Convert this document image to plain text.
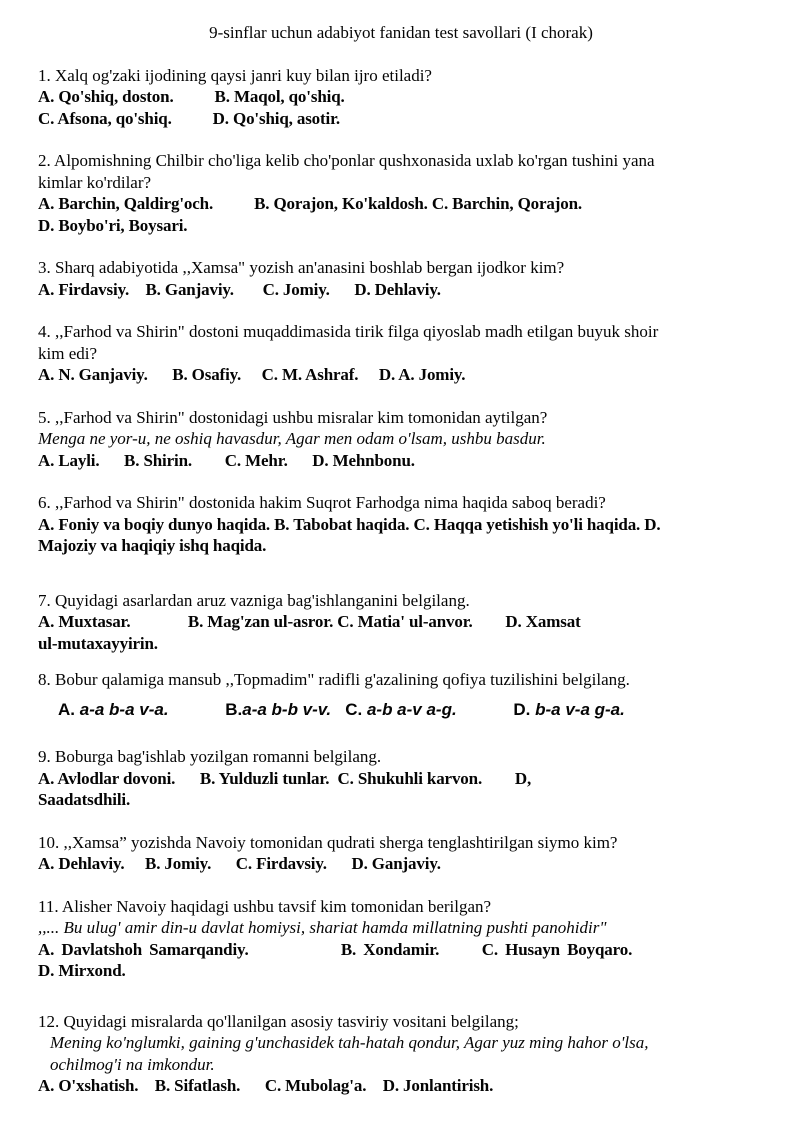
9-sinflar uchun adabiyot fanidan test savollari (I chorak)
1. Xalq og'zaki ijodining qaysi janri kuy bilan ijro etiladi?
A. Qo'shiq, doston.          B. Maqol, qo'shiq.
C. Afsona, qo'shiq.          D. Qo'shiq, asotir.
2. Alpomishning Chilbir cho'liga kelib cho'ponlar qushxonasida uxlab ko'rgan tushini yana
kimlar ko'rdilar?
A. Barchin, Qaldirg'och.          B. Qorajon, Ko'kaldosh. C. Barchin, Qorajon.
D. Boybo'ri, Boysari.
3. Sharq adabiyotida ,,Xamsa" yozish an'anasini boshlab bergan ijodkor kim?
A. Firdavsiy.    B. Ganjaviy.       C. Jomiy.      D. Dehlaviy.
4. ,,Farhod va Shirin" dostoni muqaddimasida tirik filga qiyoslab madh etilgan buyuk shoir
kim edi?
A. N. Ganjaviy.      B. Osafiy.     C. M. Ashraf.     D. A. Jomiy.
5. ,,Farhod va Shirin" dostonidagi ushbu misralar kim tomonidan aytilgan?
Menga ne yor-u, ne oshiq havasdur, Agar men odam o'lsam, ushbu basdur.
A. Layli.      B. Shirin.        C. Mehr.      D. Mehnbonu.
6. ,,Farhod va Shirin" dostonida hakim Suqrot Farhodga nima haqida saboq beradi?
A. Foniy va boqiy dunyo haqida. B. Tabobat haqida. C. Haqqa yetishish yo'li haqida. D.
Majoziy va haqiqiy ishq haqida.
7. Quyidagi asarlardan aruz vazniga bag'ishlanganini belgilang.
A. Muxtasar.              B. Mag'zan ul-asror. C. Matia' ul-anvor.        D. Xamsat
ul-mutaxayyirin.
8. Bobur qalamiga mansub ,,Topmadim" radifli g'azalining qofiya tuzilishini belgilang.
A. a-a b-a v-a.	B.a-a b-b v-v. C. a-b a-v a-g.	D. b-a v-a g-a.
9. Boburga bag'ishlab yozilgan romanni belgilang.
A. Avlodlar dovoni.      B. Yulduzli tunlar.  C. Shukuhli karvon.        D,
Saadatsdhili.
10. ,,Xamsa” yozishda Navoiy tomonidan qudrati sherga tenglashtirilgan siymo kim?
A. Dehlaviy.     B. Jomiy.      C. Firdavsiy.      D. Ganjaviy.
11. Alisher Navoiy haqidagi ushbu tavsif kim tomonidan berilgan?
,,... Bu ulug' amir din-u davlat homiysi, shariat hamda millatning pushti panohidir"
A. Davlatshoh Samarqandiy.             B. Xondamir.      C. Husayn Boyqaro.
D. Mirxond.
12. Quyidagi misralarda qo'llanilgan asosiy tasviriy vositani belgilang;
Mening ko'nglumki, gaining g'unchasidek tah-hatah qondur, Agar yuz ming hahor o'lsa,
ochilmog'i na imkondur.
A. O'xshatish.    B. Sifatlash.      C. Mubolag'a.    D. Jonlantirish.
